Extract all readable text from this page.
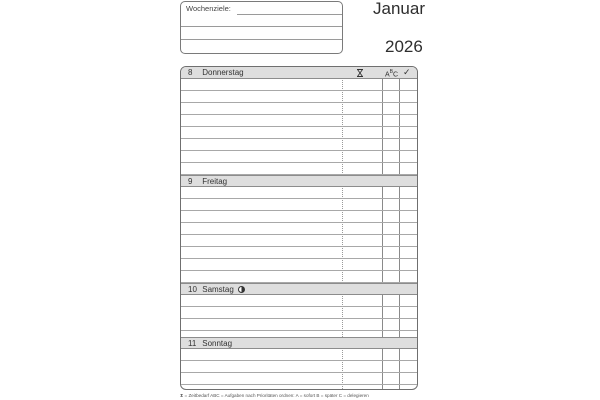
Wochenziele:	Januar
2026
8 Donnerstag	$A^BC$ ✓
9 Freitag
10 Samstag
11 Sonntag
⧗ = Zeitbedarf ABC = Aufgaben nach Prioritäten ordnen: A = sofort B = später C = delegieren
